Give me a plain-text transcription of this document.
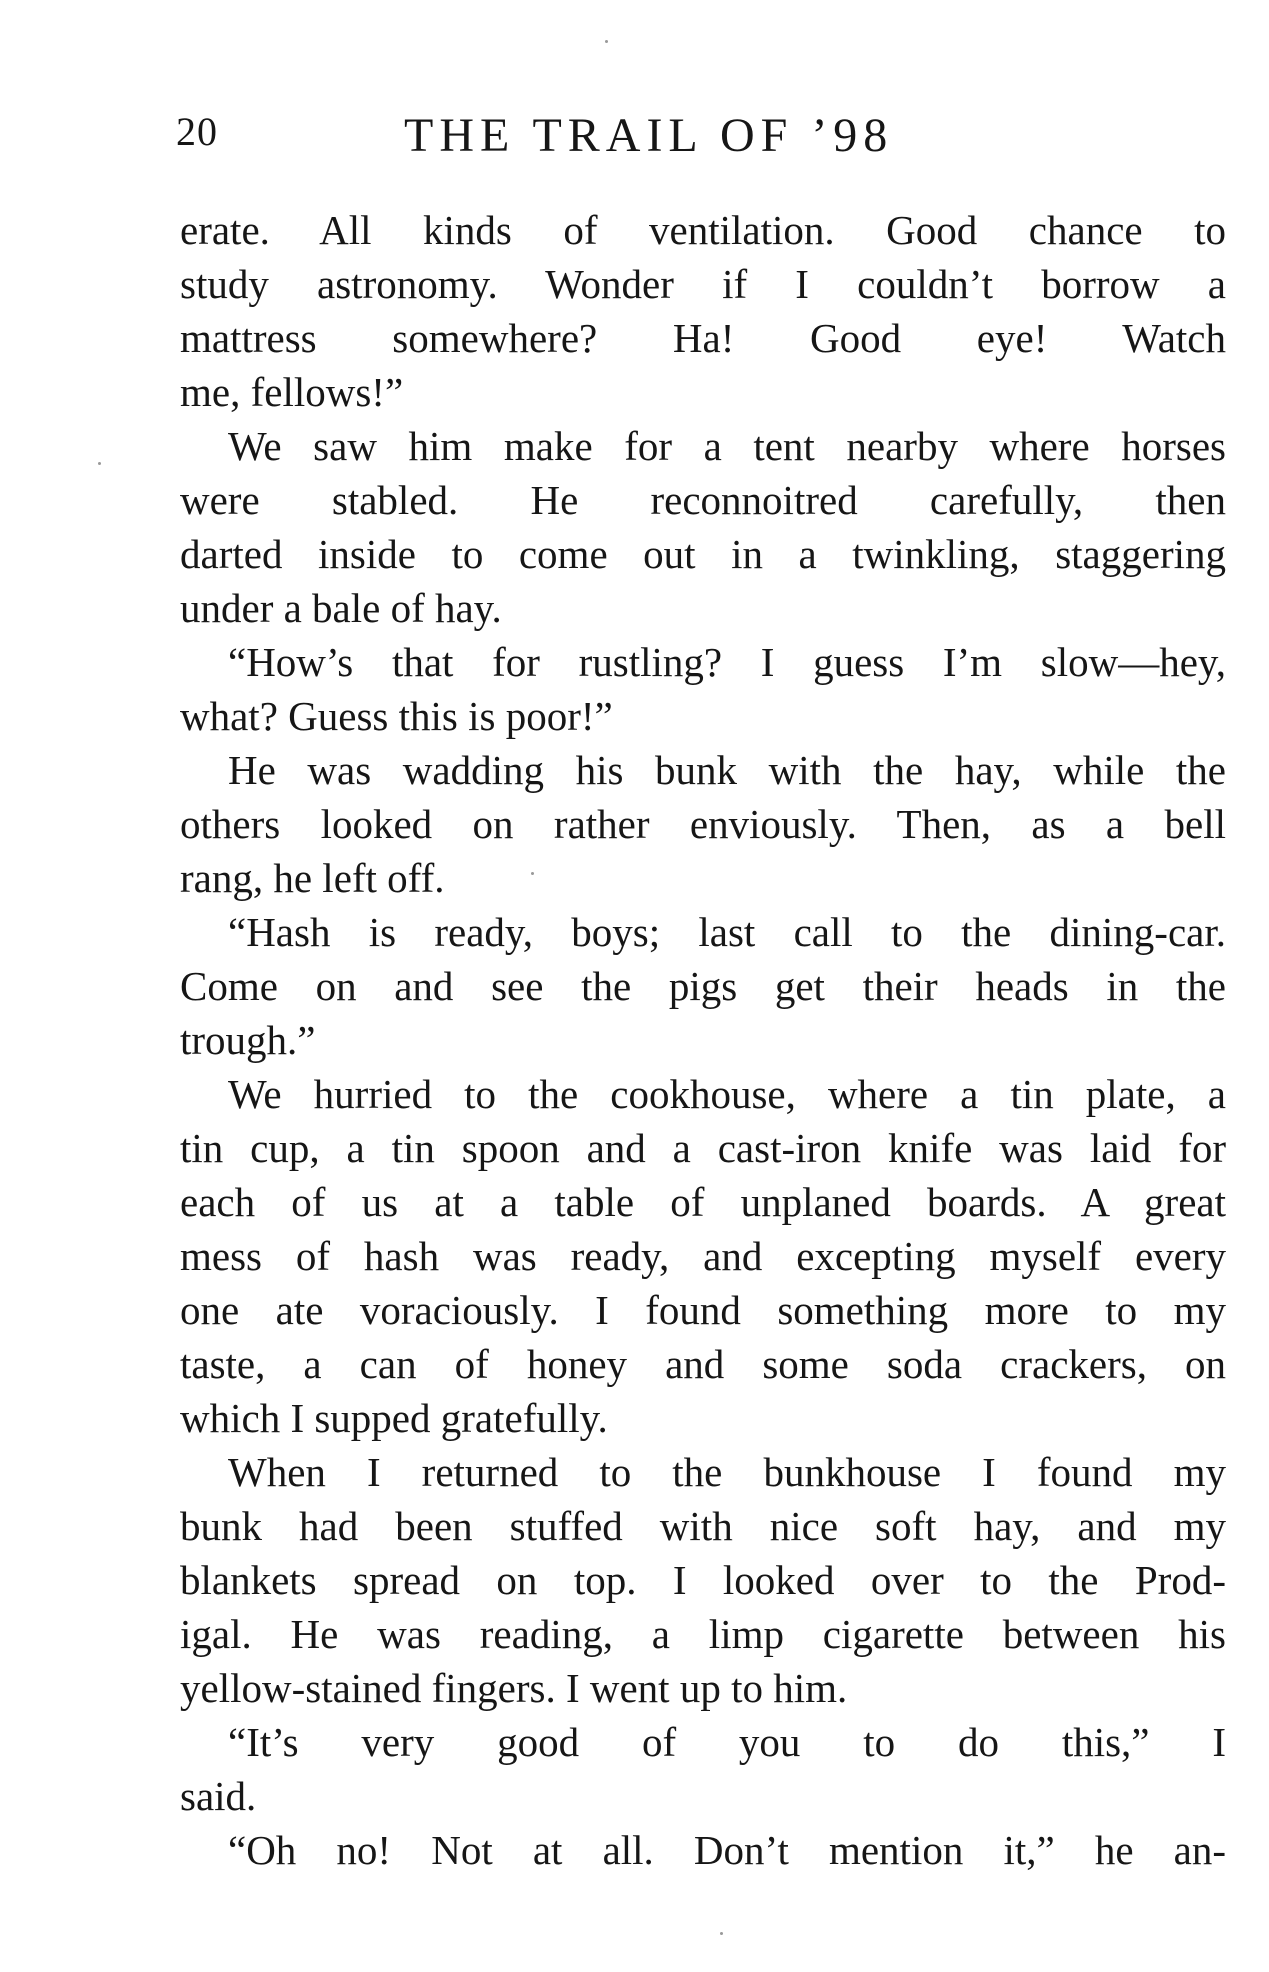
20	THE TRAIL OF ’98
erate. All kinds of ventilation. Good chance to
study astronomy. Wonder if I couldn’t borrow a
mattress somewhere? Ha! Good eye! Watch
me, fellows!”
We saw him make for a tent nearby where horses
were stabled. He reconnoitred carefully, then
darted inside to come out in a twinkling, staggering
under a bale of hay.
“How’s that for rustling? I guess I’m slow—hey,
what? Guess this is poor!”
He was wadding his bunk with the hay, while the
others looked on rather enviously. Then, as a bell
rang, he left off.
“Hash is ready, boys; last call to the dining-car.
Come on and see the pigs get their heads in the
trough.”
We hurried to the cookhouse, where a tin plate, a
tin cup, a tin spoon and a cast-iron knife was laid for
each of us at a table of unplaned boards. A great
mess of hash was ready, and excepting myself every
one ate voraciously. I found something more to my
taste, a can of honey and some soda crackers, on
which I supped gratefully.
When I returned to the bunkhouse I found my
bunk had been stuffed with nice soft hay, and my
blankets spread on top. I looked over to the Prod-
igal. He was reading, a limp cigarette between his
yellow-stained fingers. I went up to him.
“It’s very good of you to do this,” I
said.
“Oh no! Not at all. Don’t mention it,” he an-
